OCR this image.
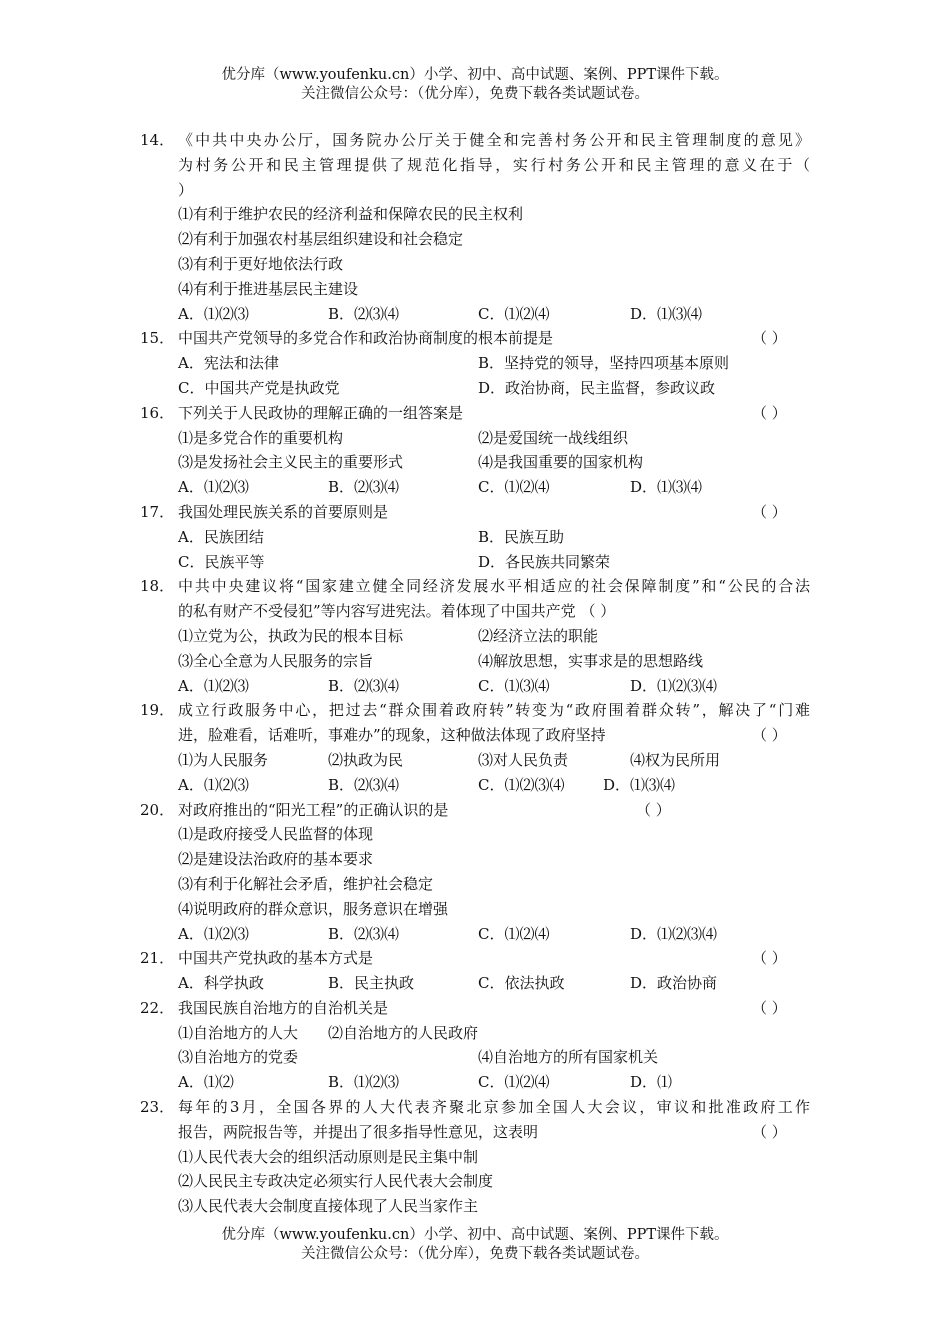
优分库（www.youfenku.cn）小学、初中、高中试题、案例、PPT课件下载。
关注微信公众号：（优分库），免费下载各类试题试卷。
14． 《中共中央办公厅，国务院办公厅关于健全和完善村务公开和民主管理制度的意见》
为村务公开和民主管理提供了规范化指导，实行村务公开和民主管理的意义在于（
）
⑴有利于维护农民的经济利益和保障农民的民主权利
⑵有利于加强农村基层组织建设和社会稳定
⑶有利于更好地依法行政
⑷有利于推进基层民主建设
A．⑴⑵⑶	B．⑵⑶⑷	C．⑴⑵⑷	D．⑴⑶⑷
15． 中国共产党领导的多党合作和政治协商制度的根本前提是	（ ）
A．宪法和法律	B．坚持党的领导，坚持四项基本原则
C．中国共产党是执政党	D．政治协商，民主监督，参政议政
16． 下列关于人民政协的理解正确的一组答案是	（ ）
⑴是多党合作的重要机构	⑵是爱国统一战线组织
⑶是发扬社会主义民主的重要形式	⑷是我国重要的国家机构
A．⑴⑵⑶	B．⑵⑶⑷	C．⑴⑵⑷	D．⑴⑶⑷
17． 我国处理民族关系的首要原则是	（ ）
A．民族团结	B．民族互助
C．民族平等	D．各民族共同繁荣
18． 中共中央建议将“国家建立健全同经济发展水平相适应的社会保障制度”和“公民的合法
的私有财产不受侵犯”等内容写进宪法。着体现了中国共产党 （ ）
⑴立党为公，执政为民的根本目标	⑵经济立法的职能
⑶全心全意为人民服务的宗旨	⑷解放思想，实事求是的思想路线
A．⑴⑵⑶	B．⑵⑶⑷	C．⑴⑶⑷	D．⑴⑵⑶⑷
19． 成立行政服务中心，把过去“群众围着政府转”转变为“政府围着群众转”，解决了“门难
进，脸难看，话难听，事难办”的现象，这种做法体现了政府坚持	（ ）
⑴为人民服务	⑵执政为民	⑶对人民负责	⑷权为民所用
A．⑴⑵⑶	B．⑵⑶⑷	C．⑴⑵⑶⑷	D．⑴⑶⑷
20． 对政府推出的“阳光工程”的正确认识的是	（ ）
⑴是政府接受人民监督的体现
⑵是建设法治政府的基本要求
⑶有利于化解社会矛盾，维护社会稳定
⑷说明政府的群众意识，服务意识在增强
A．⑴⑵⑶	B．⑵⑶⑷	C．⑴⑵⑷	D．⑴⑵⑶⑷
21． 中国共产党执政的基本方式是	（ ）
A．科学执政	B．民主执政	C．依法执政	D．政治协商
22． 我国民族自治地方的自治机关是	（ ）
⑴自治地方的人大 ⑵自治地方的人民政府
⑶自治地方的党委	⑷自治地方的所有国家机关
A．⑴⑵	B．⑴⑵⑶	C．⑴⑵⑷	D．⑴
23． 每年的3月，全国各界的人大代表齐聚北京参加全国人大会议，审议和批准政府工作
报告，两院报告等，并提出了很多指导性意见，这表明	（ ）
⑴人民代表大会的组织活动原则是民主集中制
⑵人民民主专政决定必须实行人民代表大会制度
⑶人民代表大会制度直接体现了人民当家作主
优分库（www.youfenku.cn）小学、初中、高中试题、案例、PPT课件下载。
关注微信公众号：（优分库），免费下载各类试题试卷。
